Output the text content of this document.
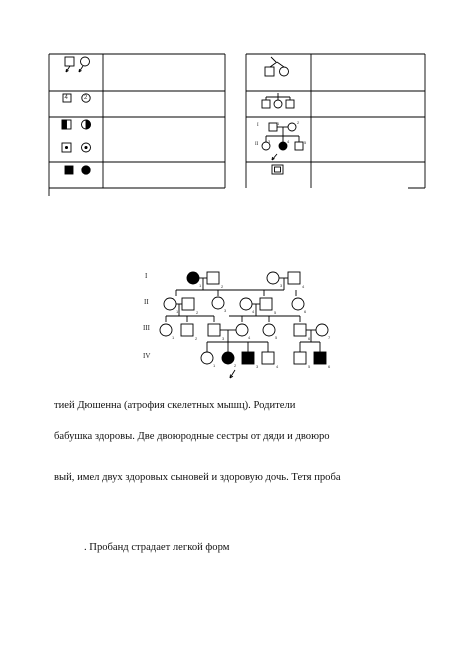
4	2
I
II
1	2
3	4	5
I
II
III
IV
1	2	3	4
1	2	3	4	5	6
1	2	3	4	5	6	7
1	2	3	4	5	6
тией Дюшенна (атрофия скелетных мышц). Родители
бабушка здоровы. Две двоюродные сестры от дяди и двоюро
вый, имел двух здоровых сыновей и здоровую дочь. Тетя проба
. Пробанд страдает легкой форм
